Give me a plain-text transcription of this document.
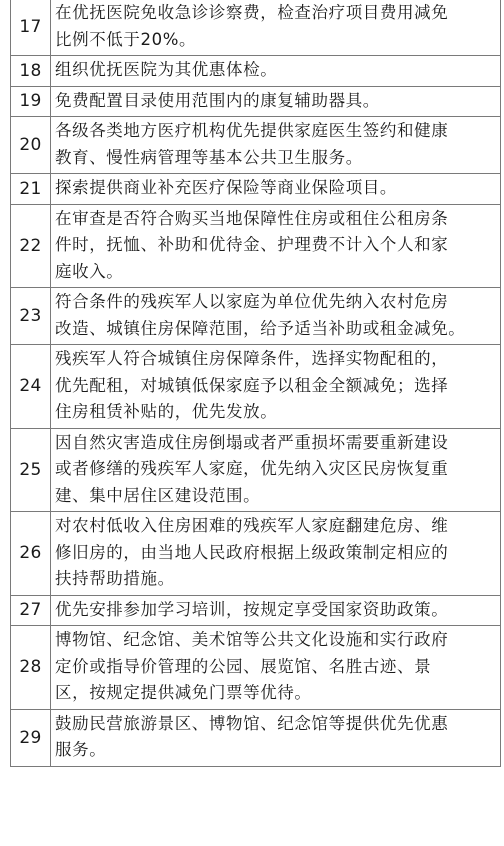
17	在优抚医院免收急诊诊察费，检查治疗项目费用减免
比例不低于20%。

18	组织优抚医院为其优惠体检。

19	免费配置目录使用范围内的康复辅助器具。

20	各级各类地方医疗机构优先提供家庭医生签约和健康
教育、慢性病管理等基本公共卫生服务。

21	探索提供商业补充医疗保险等商业保险项目。

22	在审查是否符合购买当地保障性住房或租住公租房条
件时，抚恤、补助和优待金、护理费不计入个人和家
庭收入。

23	符合条件的残疾军人以家庭为单位优先纳入农村危房
改造、城镇住房保障范围，给予适当补助或租金减免。

24	残疾军人符合城镇住房保障条件，选择实物配租的，
优先配租，对城镇低保家庭予以租金全额减免；选择
住房租赁补贴的，优先发放。

25	因自然灾害造成住房倒塌或者严重损坏需要重新建设
或者修缮的残疾军人家庭，优先纳入灾区民房恢复重
建、集中居住区建设范围。

26	对农村低收入住房困难的残疾军人家庭翻建危房、维
修旧房的，由当地人民政府根据上级政策制定相应的
扶持帮助措施。

27	优先安排参加学习培训，按规定享受国家资助政策。

28	博物馆、纪念馆、美术馆等公共文化设施和实行政府
定价或指导价管理的公园、展览馆、名胜古迹、景
区，按规定提供减免门票等优待。

29	鼓励民营旅游景区、博物馆、纪念馆等提供优先优惠
服务。
